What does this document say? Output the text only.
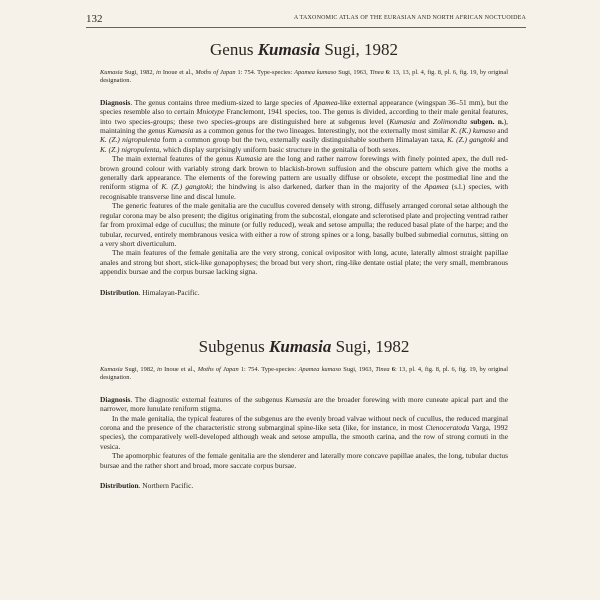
132	A TAXONOMIC ATLAS OF THE EURASIAN AND NORTH AFRICAN NOCTUOIDEA
Genus Kumasia Sugi, 1982

Kumasia Sugi, 1982, in Inoue et al., Moths of Japan 1: 754. Type-species: Apamea kumaso Sugi, 1963, Tinea 6: 13, 13, pl. 4, fig. 8, pl. 6, fig. 19, by original designation.

Diagnosis. The genus contains three medium-sized to large species of Apamea-like external appearance (wingspan 36–51 mm), but the species resemble also to certain Mniotype Franclemont, 1941 species, too. The genus is divided, according to their male genital features, into two species-groups; these two species-groups are distinguished here at subgenus level (Kumasia and Zolimondta subgen. n.), maintaining the genus Kumasia as a common genus for the two lineages. Interestingly, not the externally most similar K. (K.) kumaso and K. (Z.) nigropulenta form a common group but the two, externally easily distinguishable southern Himalayan taxa, K. (Z.) gangtoki and K. (Z.) nigropulenta, which display surprisingly uniform basic structure in the genitalia of both sexes.

The main external features of the genus Kumasia are the long and rather narrow forewings with finely pointed apex, the dull red-brown ground colour with variably strong dark brown to blackish-brown suffusion and the obscure pattern which give the moths a generally dark appearance. The elements of the forewing pattern are usually diffuse or obsolete, except the postmedial line and the reniform stigma of K. (Z.) gangtoki; the hindwing is also darkened, darker than in the majority of the Apamea (s.l.) species, with recognisable transverse line and discal lunule.

The generic features of the male genitalia are the cucullus covered densely with strong, diffusely arranged coronal setae although the regular corona may be also present; the digitus originating from the subcostal, elongate and sclerotised plate and projecting ventrad rather far from proximal edge of cucullus; the minute (or fully reduced), weak and setose ampulla; the reduced basal plate of the harpe; and the tubular, recurved, entirely membranous vesica with either a row of strong spines or a long, basally bulbed submedial cornutus, sitting on a very short diverticulum.

The main features of the female genitalia are the very strong, conical ovipositor with long, acute, laterally almost straight papillae anales and strong but short, stick-like gonapophyses; the broad but very short, ring-like dentate ostial plate; the very small, membranous appendix bursae and the corpus bursae lacking signa.

Distribution. Himalayan-Pacific.

Subgenus Kumasia Sugi, 1982

Kumasia Sugi, 1982, in Inoue et al., Moths of Japan 1: 754. Type-species: Apamea kumaso Sugi, 1963, Tinea 6: 13, pl. 4, fig. 8, pl. 6, fig. 19, by original designation.

Diagnosis. The diagnostic external features of the subgenus Kumasia are the broader forewing with more cuneate apical part and the narrower, more lunulate reniform stigma.

In the male genitalia, the typical features of the subgenus are the evenly broad valvae without neck of cucullus, the reduced marginal corona and the presence of the characteristic strong submarginal spine-like seta (like, for instance, in most Ctenoceratoda Varga, 1992 species), the comparatively well-developed although weak and setose ampulla, the smooth carina, and the row of strong cornuti in the vesica.

The apomorphic features of the female genitalia are the slenderer and laterally more concave papillae anales, the long, tubular ductus bursae and the rather short and broad, more saccate corpus bursae.

Distribution. Northern Pacific.
